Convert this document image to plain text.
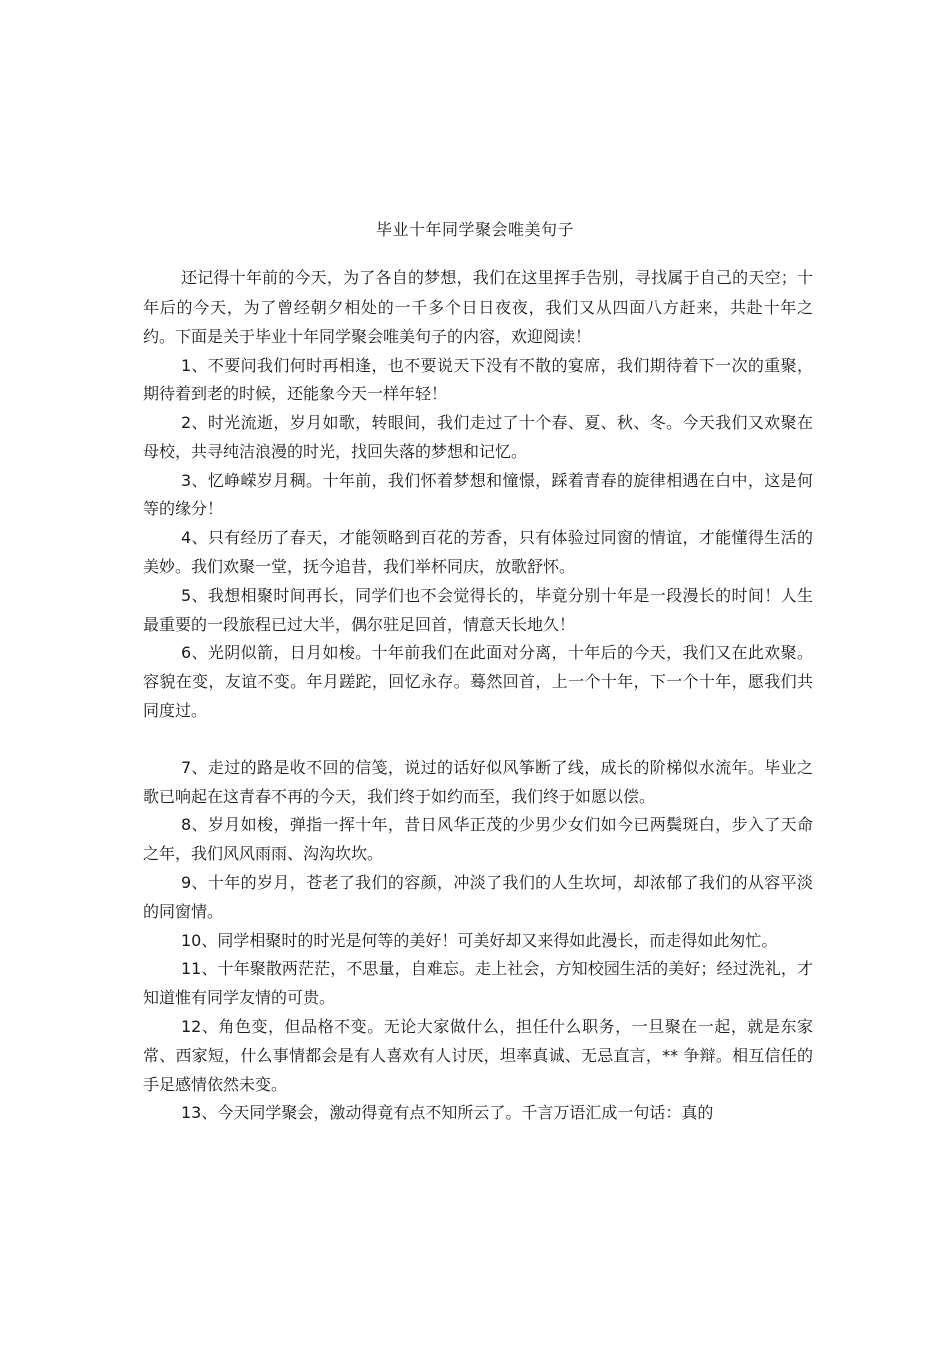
毕业十年同学聚会唯美句子

还记得十年前的今天，为了各自的梦想，我们在这里挥手告别，寻找属于自己的天空；十年后的今天，为了曾经朝夕相处的一千多个日日夜夜，我们又从四面八方赶来，共赴十年之约。下面是关于毕业十年同学聚会唯美句子的内容，欢迎阅读！

1、不要问我们何时再相逢，也不要说天下没有不散的宴席，我们期待着下一次的重聚，期待着到老的时候，还能象今天一样年轻！

2、时光流逝，岁月如歌，转眼间，我们走过了十个春、夏、秋、冬。今天我们又欢聚在母校，共寻纯洁浪漫的时光，找回失落的梦想和记忆。

3、忆峥嵘岁月稠。十年前，我们怀着梦想和憧憬，踩着青春的旋律相遇在白中，这是何等的缘分！

4、只有经历了春天，才能领略到百花的芳香，只有体验过同窗的情谊，才能懂得生活的美妙。我们欢聚一堂，抚今追昔，我们举杯同庆，放歌舒怀。

5、我想相聚时间再长，同学们也不会觉得长的，毕竟分别十年是一段漫长的时间！人生最重要的一段旅程已过大半，偶尔驻足回首，情意天长地久！

6、光阴似箭，日月如梭。十年前我们在此面对分离，十年后的今天，我们又在此欢聚。容貌在变，友谊不变。年月蹉跎，回忆永存。蓦然回首，上一个十年，下一个十年，愿我们共同度过。

7、走过的路是收不回的信笺，说过的话好似风筝断了线，成长的阶梯似水流年。毕业之歌已响起在这青春不再的今天，我们终于如约而至，我们终于如愿以偿。

8、岁月如梭，弹指一挥十年，昔日风华正茂的少男少女们如今已两鬓斑白，步入了天命之年，我们风风雨雨、沟沟坎坎。

9、十年的岁月，苍老了我们的容颜，冲淡了我们的人生坎坷，却浓郁了我们的从容平淡的同窗情。

10、同学相聚时的时光是何等的美好！可美好却又来得如此漫长，而走得如此匆忙。

11、十年聚散两茫茫，不思量，自难忘。走上社会，方知校园生活的美好；经过洗礼，才知道惟有同学友情的可贵。

12、角色变，但品格不变。无论大家做什么，担任什么职务，一旦聚在一起，就是东家常、西家短，什么事情都会是有人喜欢有人讨厌，坦率真诚、无忌直言，** 争辩。相互信任的手足感情依然未变。

13、今天同学聚会，激动得竟有点不知所云了。千言万语汇成一句话：真的
